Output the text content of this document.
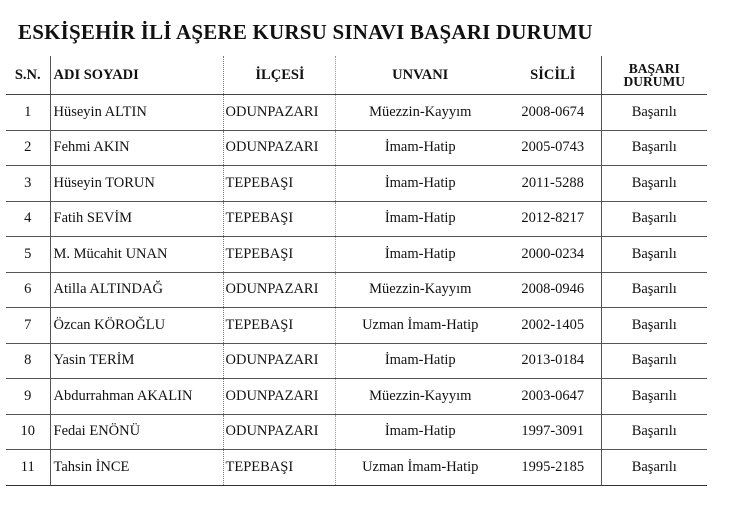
ESKİŞEHİR İLİ AŞERE KURSU SINAVI BAŞARI DURUMU
S.N.	ADI SOYADI	İLÇESİ	UNVANI	SİCİLİ	BAŞARI
DURUMU

1	Hüseyin ALTIN	ODUNPAZARI	Müezzin-Kayyım	2008-0674	Başarılı
2	Fehmi AKIN	ODUNPAZARI	İmam-Hatip	2005-0743	Başarılı
3	Hüseyin TORUN	TEPEBAŞI	İmam-Hatip	2011-5288	Başarılı
4	Fatih SEVİM	TEPEBAŞI	İmam-Hatip	2012-8217	Başarılı
5	M. Mücahit UNAN	TEPEBAŞI	İmam-Hatip	2000-0234	Başarılı
6	Atilla ALTINDAĞ	ODUNPAZARI	Müezzin-Kayyım	2008-0946	Başarılı
7	Özcan KÖROĞLU	TEPEBAŞI	Uzman İmam-Hatip	2002-1405	Başarılı
8	Yasin TERİM	ODUNPAZARI	İmam-Hatip	2013-0184	Başarılı
9	Abdurrahman AKALIN	ODUNPAZARI	Müezzin-Kayyım	2003-0647	Başarılı
10	Fedai ENÖNÜ	ODUNPAZARI	İmam-Hatip	1997-3091	Başarılı
11	Tahsin İNCE	TEPEBAŞI	Uzman İmam-Hatip	1995-2185	Başarılı
